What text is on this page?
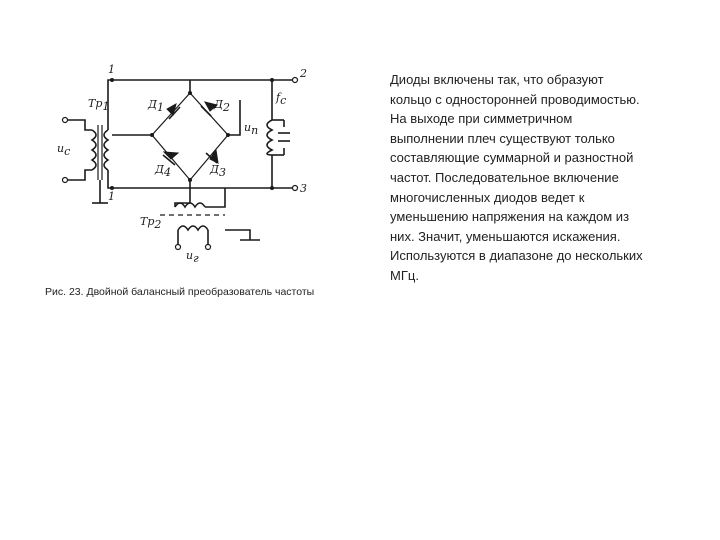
1
1
2
3
Тр1
Тр2
Д1	Д2
Д3
Д4
fc
uп
uc
uг
Рис. 23. Двойной балансный преобразователь частоты
Диоды включены так, что образуют
кольцо с односторонней проводимостью.
На выходе при симметричном
выполнении плеч существуют только
составляющие суммарной и разностной
частот. Последовательное включение
многочисленных диодов ведет к
уменьшению напряжения на каждом из
них. Значит, уменьшаются искажения.
Используются в диапазоне до нескольких
МГц.
